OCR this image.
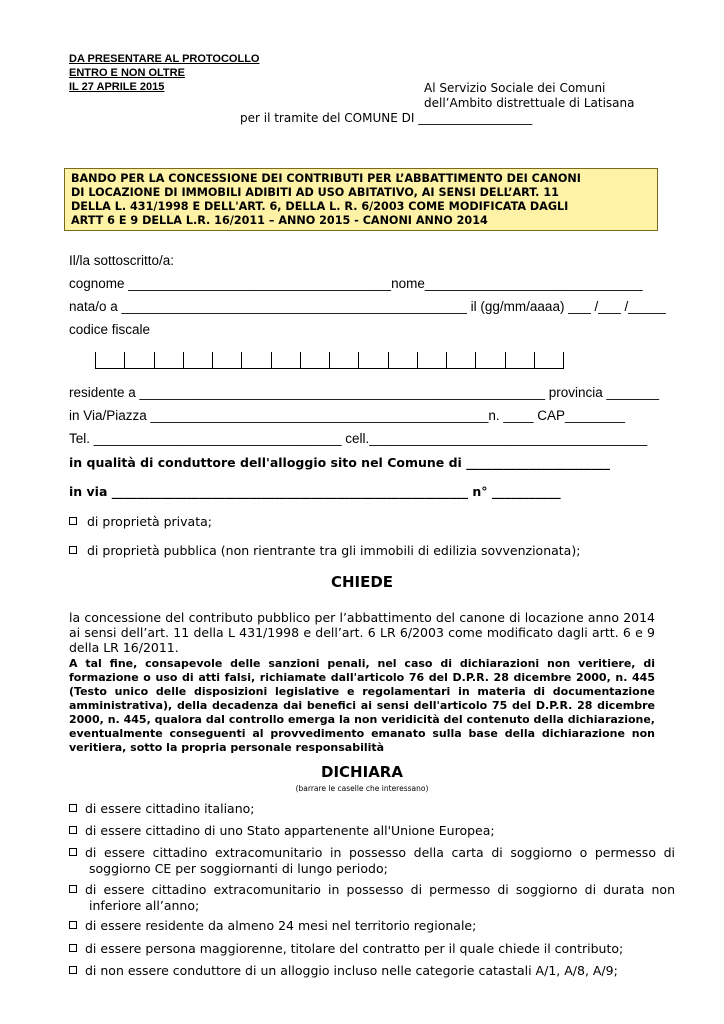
DA PRESENTARE AL PROTOCOLLO
ENTRO E NON OLTRE
IL 27 APRILE 2015	Al Servizio Sociale dei Comuni
dell’Ambito distrettuale di Latisana
per il tramite del COMUNE DI ___________________
BANDO PER LA CONCESSIONE DEI CONTRIBUTI PER L’ABBATTIMENTO DEI CANONI
DI LOCAZIONE DI IMMOBILI ADIBITI AD USO ABITATIVO, AI SENSI DELL’ART. 11
DELLA L. 431/1998 E DELL'ART. 6, DELLA L. R. 6/2003 COME MODIFICATA DAGLI
ARTT 6 E 9 DELLA L.R. 16/2011 – ANNO 2015 - CANONI ANNO 2014
Il/la sottoscritto/a:
cognome ___________________________________nome_____________________________
nata/o a ______________________________________________ il (gg/mm/aaaa) ___ /___ /_____
codice fiscale
residente a ______________________________________________________ provincia _______
in Via/Piazza _____________________________________________n. ____ CAP________
Tel. _________________________________ cell._____________________________________
in qualità di conduttore dell'alloggio sito nel Comune di _______________________
in via _________________________________________________________ n° ___________
di proprietà privata;
di proprietà pubblica (non rientrante tra gli immobili di edilizia sovvenzionata);
CHIEDE
la concessione del contributo pubblico per l’abbattimento del canone di locazione anno 2014 ai sensi dell’art. 11 della L 431/1998 e dell’art. 6 LR 6/2003 come modificato dagli artt. 6 e 9 della LR 16/2011.
A tal fine, consapevole delle sanzioni penali, nel caso di dichiarazioni non veritiere, di formazione o uso di atti falsi, richiamate dall'articolo 76 del D.P.R. 28 dicembre 2000, n. 445 (Testo unico delle disposizioni legislative e regolamentari in materia di documentazione amministrativa), della decadenza dai benefici ai sensi dell'articolo 75 del D.P.R. 28 dicembre 2000, n. 445, qualora dal controllo emerga la non veridicità del contenuto della dichiarazione, eventualmente conseguenti al provvedimento emanato sulla base della dichiarazione non veritiera, sotto la propria personale responsabilità
DICHIARA
(barrare le caselle che interessano)
di essere cittadino italiano;
di essere cittadino di uno Stato appartenente all'Unione Europea;
di essere cittadino extracomunitario in possesso della carta di soggiorno o permesso di soggiorno CE per soggiornanti di lungo periodo;
di essere cittadino extracomunitario in possesso di permesso di soggiorno di durata non inferiore all’anno;
di essere residente da almeno 24 mesi nel territorio regionale;
di essere persona maggiorenne, titolare del contratto per il quale chiede il contributo;
di non essere conduttore di un alloggio incluso nelle categorie catastali A/1, A/8, A/9;
